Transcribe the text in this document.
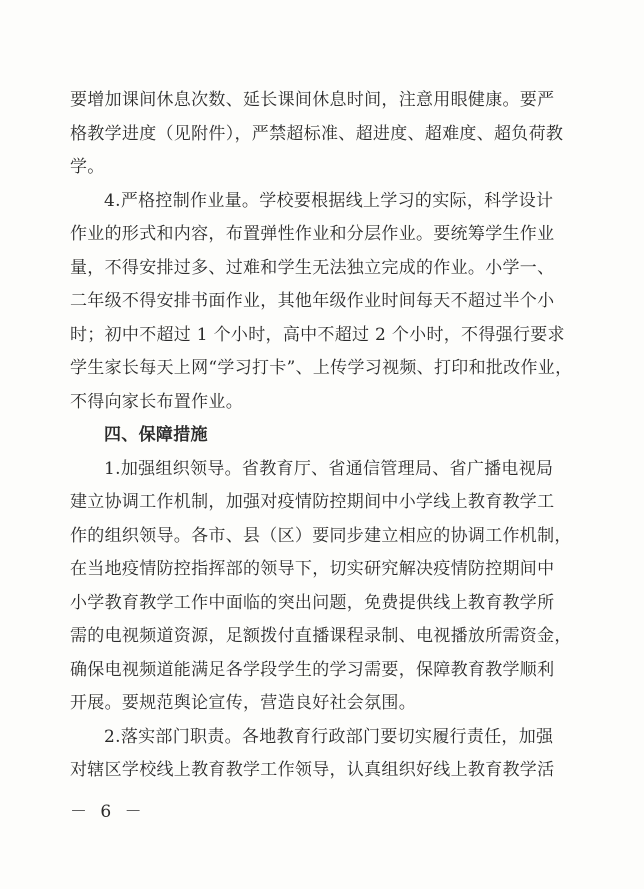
要增加课间休息次数、延长课间休息时间，注意用眼健康。要严
格教学进度（见附件），严禁超标准、超进度、超难度、超负荷教
学。
4.严格控制作业量。学校要根据线上学习的实际，科学设计
作业的形式和内容，布置弹性作业和分层作业。要统筹学生作业
量，不得安排过多、过难和学生无法独立完成的作业。小学一、
二年级不得安排书面作业，其他年级作业时间每天不超过半个小
时；初中不超过 1 个小时，高中不超过 2 个小时，不得强行要求
学生家长每天上网“学习打卡”、上传学习视频、打印和批改作业，
不得向家长布置作业。
四、保障措施
1.加强组织领导。省教育厅、省通信管理局、省广播电视局
建立协调工作机制，加强对疫情防控期间中小学线上教育教学工
作的组织领导。各市、县（区）要同步建立相应的协调工作机制，
在当地疫情防控指挥部的领导下，切实研究解决疫情防控期间中
小学教育教学工作中面临的突出问题，免费提供线上教育教学所
需的电视频道资源，足额拨付直播课程录制、电视播放所需资金，
确保电视频道能满足各学段学生的学习需要，保障教育教学顺利
开展。要规范舆论宣传，营造良好社会氛围。
2.落实部门职责。各地教育行政部门要切实履行责任，加强
对辖区学校线上教育教学工作领导，认真组织好线上教育教学活
－ 6 －
